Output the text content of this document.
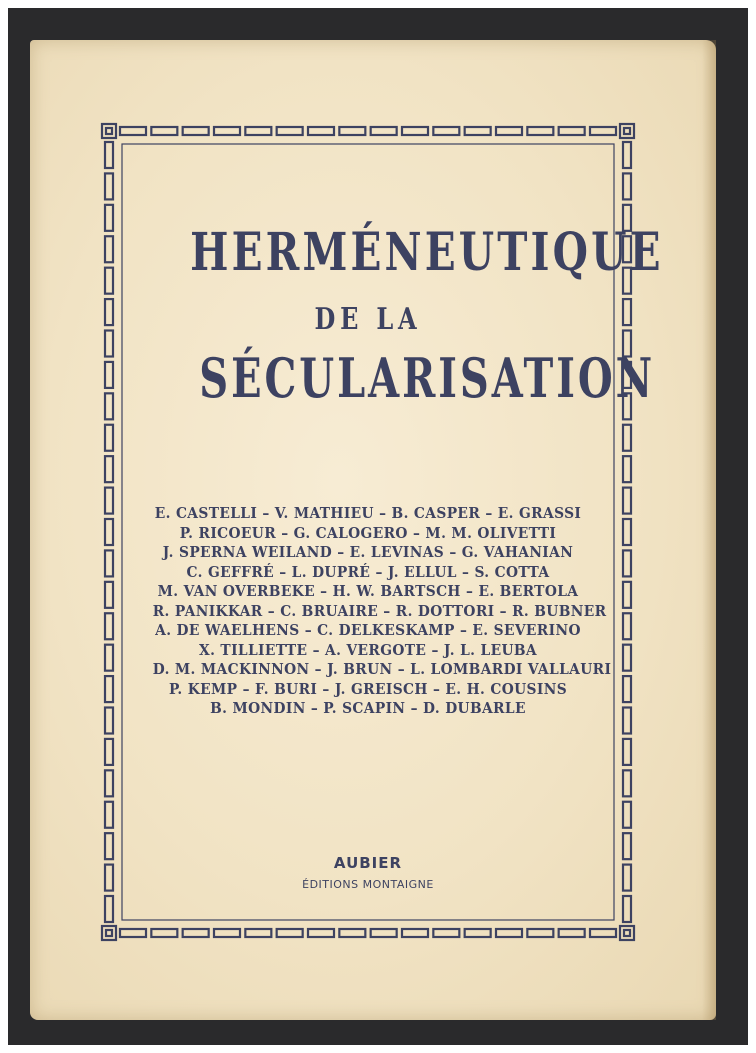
HERMÉNEUTIQUE
DE LA
SÉCULARISATION
E. CASTELLI – V. MATHIEU – B. CASPER – E. GRASSI
P. RICOEUR – G. CALOGERO – M. M. OLIVETTI
J. SPERNA WEILAND – E. LEVINAS – G. VAHANIAN
C. GEFFRÉ – L. DUPRÉ – J. ELLUL – S. COTTA
M. VAN OVERBEKE – H. W. BARTSCH – E. BERTOLA
R. PANIKKAR – C. BRUAIRE – R. DOTTORI – R. BUBNER
A. DE WAELHENS – C. DELKESKAMP – E. SEVERINO
X. TILLIETTE – A. VERGOTE – J. L. LEUBA
D. M. MACKINNON – J. BRUN – L. LOMBARDI VALLAURI
P. KEMP – F. BURI – J. GREISCH – E. H. COUSINS
B. MONDIN – P. SCAPIN – D. DUBARLE
AUBIER
ÉDITIONS MONTAIGNE
